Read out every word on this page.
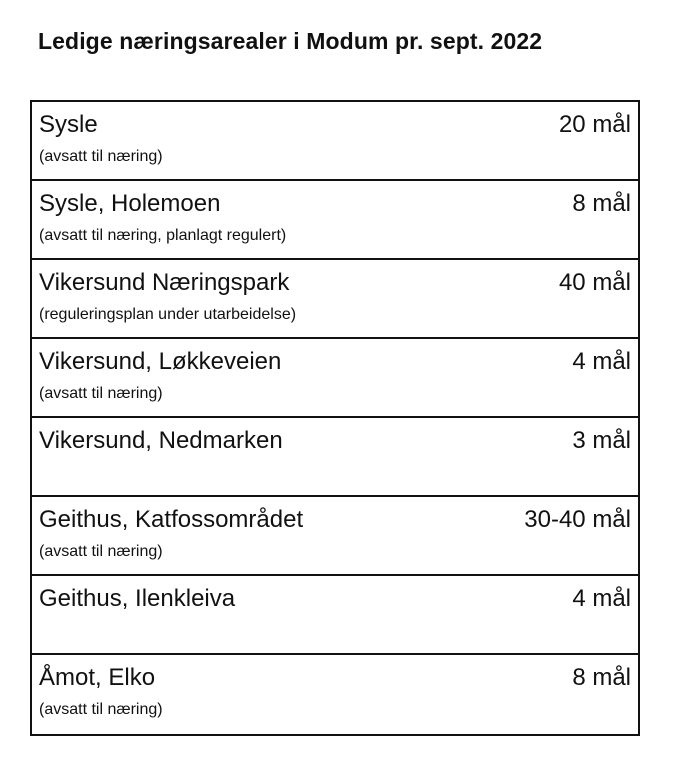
Ledige næringsarealer i Modum pr. sept. 2022
Sysle
(avsatt til næring)
20 mål
Sysle, Holemoen
(avsatt til næring, planlagt regulert)
8 mål
Vikersund Næringspark
(reguleringsplan under utarbeidelse)
40 mål
Vikersund, Løkkeveien
(avsatt til næring)
4 mål
Vikersund, Nedmarken	3 mål
Geithus, Katfossområdet
(avsatt til næring)
30-40 mål
Geithus, Ilenkleiva	4 mål
Åmot, Elko
(avsatt til næring)
8 mål
